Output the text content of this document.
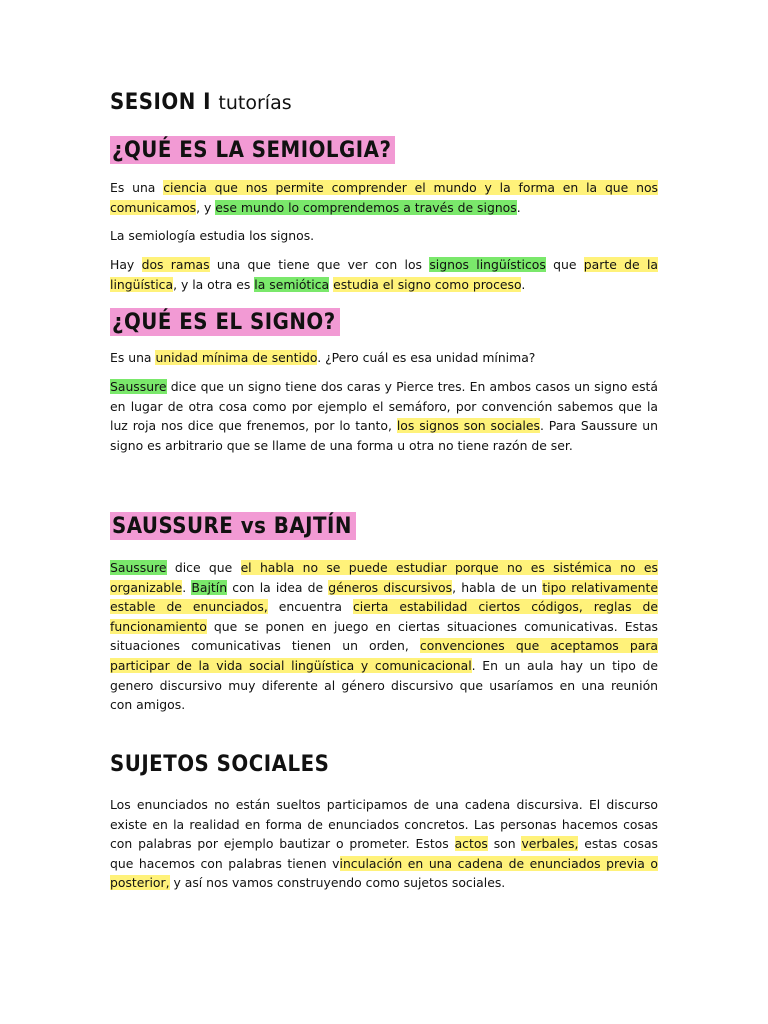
SESION I tutorías
¿QUÉ ES LA SEMIOLGIA?

Es una ciencia que nos permite comprender el mundo y la forma en la que nos comunicamos, y ese mundo lo comprendemos a través de signos.

La semiología estudia los signos.

Hay dos ramas una que tiene que ver con los signos lingüísticos que parte de la lingüística, y la otra es la semiótica estudia el signo como proceso.

¿QUÉ ES EL SIGNO?

Es una unidad mínima de sentido. ¿Pero cuál es esa unidad mínima?

Saussure dice que un signo tiene dos caras y Pierce tres. En ambos casos un signo está en lugar de otra cosa como por ejemplo el semáforo, por convención sabemos que la luz roja nos dice que frenemos, por lo tanto, los signos son sociales. Para Saussure un signo es arbitrario que se llame de una forma u otra no tiene razón de ser.

SAUSSURE vs BAJTÍN

Saussure dice que el habla no se puede estudiar porque no es sistémica no es organizable. Bajtín con la idea de géneros discursivos, habla de un tipo relativamente estable de enunciados, encuentra cierta estabilidad ciertos códigos, reglas de funcionamiento que se ponen en juego en ciertas situaciones comunicativas. Estas situaciones comunicativas tienen un orden, convenciones que aceptamos para participar de la vida social lingüística y comunicacional. En un aula hay un tipo de genero discursivo muy diferente al género discursivo que usaríamos en una reunión con amigos.

SUJETOS SOCIALES

Los enunciados no están sueltos participamos de una cadena discursiva. El discurso existe en la realidad en forma de enunciados concretos. Las personas hacemos cosas con palabras por ejemplo bautizar o prometer. Estos actos son verbales, estas cosas que hacemos con palabras tienen vinculación en una cadena de enunciados previa o posterior, y así nos vamos construyendo como sujetos sociales.
